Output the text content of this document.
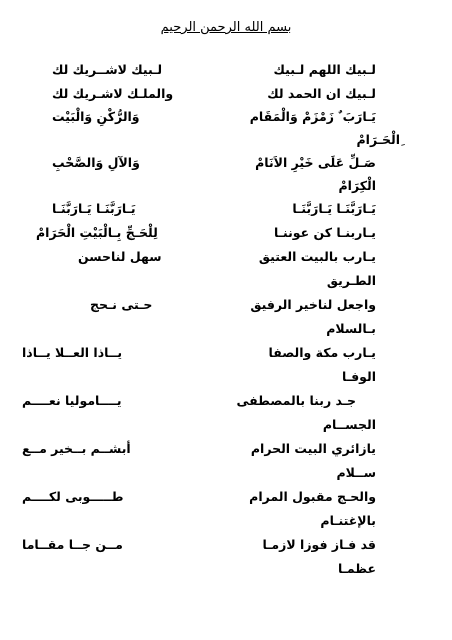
بسم الله الرحمن الرحيم
لـبيك اللهم لـبيك
لـبيك لاشــريك لك
لـبيك ان الحمد لك
والملـك لاشـريك لك
يَـارَبَ ٌ زَمْزَمْ وَالْمَقَام
وَالرُّكْنِ وَالْبَيْت
ِالْحَـرَامْ
صَـلِّ عَلَى خَيْرِ الاَنَامْ
وَالآلِ وَالصَّحْبِ
الْكِرَامْ
يَـارَبَّنَـا يَـارَبَّنَـا
يَـارَبَّنَـا يَـارَبَّنَـا
يـاربنـا كن عوننـا
لِلْحَـجِّ بِـالْبَيْتِ الْحَرَامْ
يـارب بالبيت العتيق
سهل لناحسن
الطـريق
واجعل لناخير الرفيق
حـتى نـحج
بـالسلام
يـارب مكة والصفا
يــاذا العــلا يــاذا
الوفـا
جـد ربنا بالمصطفى
يــــاموليا نعــــم
الجســام
يازائري البيت الحرام
أبشــم بــخير مــع
ســلام
والحـج مقبول المرام
طـــــوبى لكــــم
بالإغتنـام
قد فـاز فوزا لازمـا
مــن جــا مقــاما
عظمـا
